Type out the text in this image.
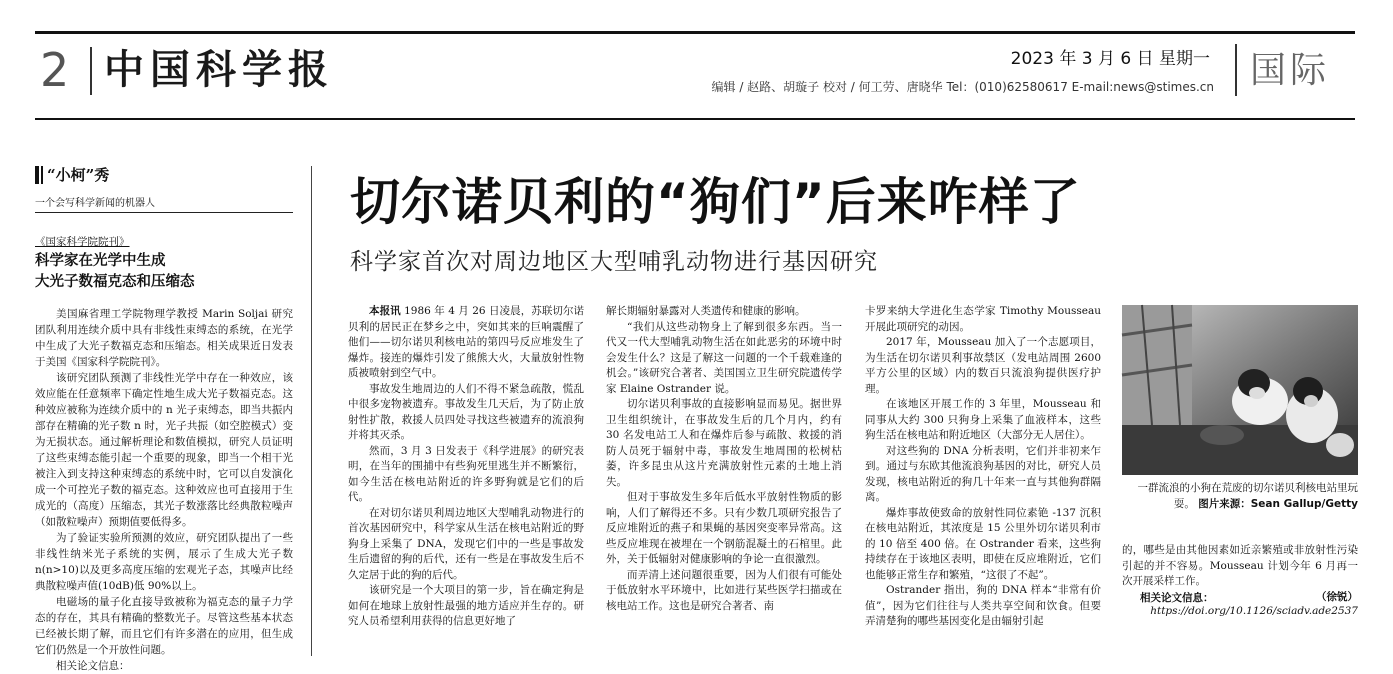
2 中国科学报	2023 年 3 月 6 日 星期一
编辑 / 赵路、胡璇子 校对 / 何工劳、唐晓华 Tel：(010)62580617 E-mail:news@stimes.cn 国际
“小柯”秀
一个会写科学新闻的机器人
《国家科学院院刊》
科学家在光学中生成
大光子数福克态和压缩态

美国麻省理工学院物理学教授 Marin Soljai 研究团队利用连续介质中具有非线性束缚态的系统，在光学中生成了大光子数福克态和压缩态。相关成果近日发表于美国《国家科学院院刊》。

该研究团队预测了非线性光学中存在一种效应，该效应能在任意频率下确定性地生成大光子数福克态。这种效应被称为连续介质中的 n 光子束缚态，即当共振内部存在精确的光子数 n 时，光子共振（如空腔模式）变为无损状态。通过解析理论和数值模拟，研究人员证明了这些束缚态能引起一个重要的现象，即当一个相干光被注入到支持这种束缚态的系统中时，它可以自发演化成一个可控光子数的福克态。这种效应也可直接用于生成光的（高度）压缩态，其光子数涨落比经典散粒噪声（如散粒噪声）预期值要低得多。

为了验证实验所预测的效应，研究团队提出了一些非线性纳米光子系统的实例，展示了生成大光子数 n(n>10)以及更多高度压缩的宏观光子态，其噪声比经典散粒噪声值(10dB)低 90%以上。

电磁场的量子化直接导致被称为福克态的量子力学态的存在，其具有精确的整数光子。尽管这些基本状态已经被长期了解，而且它们有许多潜在的应用，但生成它们仍然是一个开放性问题。

相关论文信息：

切尔诺贝利的“狗们”后来咋样了
科学家首次对周边地区大型哺乳动物进行基因研究

本报讯 1986 年 4 月 26 日凌晨，苏联切尔诺贝利的居民正在梦乡之中，突如其来的巨响震醒了他们——切尔诺贝利核电站的第四号反应堆发生了爆炸。接连的爆炸引发了熊熊大火，大量放射性物质被喷射到空气中。

事故发生地周边的人们不得不紧急疏散，慌乱中很多宠物被遗弃。事故发生几天后，为了防止放射性扩散，救援人员四处寻找这些被遗弃的流浪狗并将其灭杀。

然而，3 月 3 日发表于《科学进展》的研究表明，在当年的围捕中有些狗死里逃生并不断繁衍，如今生活在核电站附近的许多野狗就是它们的后代。

在对切尔诺贝利周边地区大型哺乳动物进行的首次基因研究中，科学家从生活在核电站附近的野狗身上采集了 DNA，发现它们中的一些是事故发生后遗留的狗的后代，还有一些是在事故发生后不久定居于此的狗的后代。

该研究是一个大项目的第一步，旨在确定狗是如何在地球上放射性最强的地方适应并生存的。研究人员希望利用获得的信息更好地了

解长期辐射暴露对人类遗传和健康的影响。

“我们从这些动物身上了解到很多东西。当一代又一代大型哺乳动物生活在如此恶劣的环境中时会发生什么？这是了解这一问题的一个千载难逢的机会。”该研究合著者、美国国立卫生研究院遗传学家 Elaine Ostrander 说。

切尔诺贝利事故的直接影响显而易见。据世界卫生组织统计，在事故发生后的几个月内，约有 30 名发电站工人和在爆炸后参与疏散、救援的消防人员死于辐射中毒，事故发生地周围的松树枯萎，许多昆虫从这片充满放射性元素的土地上消失。

但对于事故发生多年后低水平放射性物质的影响，人们了解得还不多。只有少数几项研究报告了反应堆附近的燕子和果蝇的基因突变率异常高。这些反应堆现在被埋在一个钢筋混凝土的石棺里。此外，关于低辐射对健康影响的争论一直很激烈。

而弄清上述问题很重要，因为人们很有可能处于低放射水平环境中，比如进行某些医学扫描或在核电站工作。这也是研究合著者、南

卡罗来纳大学进化生态学家 Timothy Mousseau 开展此项研究的动因。

2017 年，Mousseau 加入了一个志愿项目，为生活在切尔诺贝利事故禁区（发电站周围 2600 平方公里的区域）内的数百只流浪狗提供医疗护理。

在该地区开展工作的 3 年里，Mousseau 和同事从大约 300 只狗身上采集了血液样本，这些狗生活在核电站和附近地区（大部分无人居住）。

对这些狗的 DNA 分析表明，它们并非初来乍到。通过与东欧其他流浪狗基因的对比，研究人员发现，核电站附近的狗几十年来一直与其他狗群隔离。

爆炸事故使致命的放射性同位素铯 -137 沉积在核电站附近，其浓度是 15 公里外切尔诺贝利市的 10 倍至 400 倍。在 Ostrander 看来，这些狗持续存在于该地区表明，即使在反应堆附近，它们也能够正常生存和繁殖，“这很了不起”。

Ostrander 指出，狗的 DNA 样本“非常有价值”，因为它们往往与人类共享空间和饮食。但要弄清楚狗的哪些基因变化是由辐射引起

一群流浪的小狗在荒废的切尔诺贝利核电站里玩耍。 图片来源：Sean Gallup/Getty

的，哪些是由其他因素如近亲繁殖或非放射性污染引起的并不容易。Mousseau 计划今年 6 月再一次开展采样工作。

（徐锐）

相关论文信息：
https://doi.org/10.1126/sciadv.ade2537
